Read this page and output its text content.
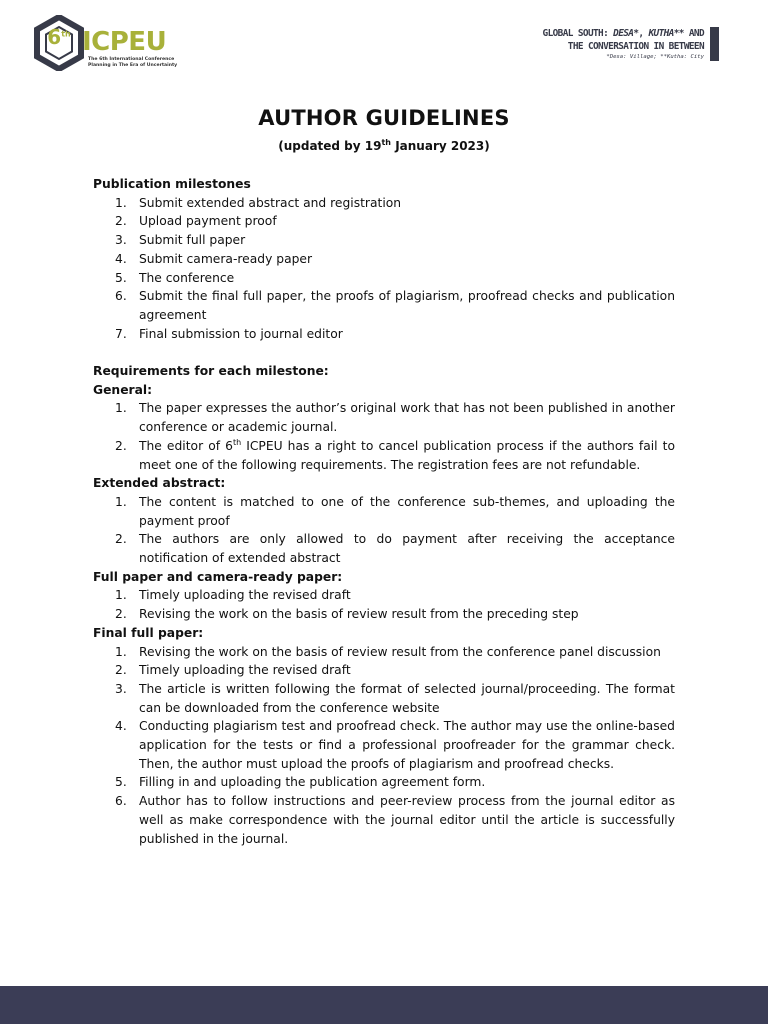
6th ICPEU
The 6th International Conference
Planning in The Era of Uncertainty
GLOBAL SOUTH: DESA*, KUTHA** AND
THE CONVERSATION IN BETWEEN
*Desa: Village; **Kutha: City
AUTHOR GUIDELINES
(updated by 19th January 2023)
Publication milestones
1. Submit extended abstract and registration
2. Upload payment proof
3. Submit full paper
4. Submit camera-ready paper
5. The conference
6. Submit the final full paper, the proofs of plagiarism, proofread checks and publication agreement
7. Final submission to journal editor
Requirements for each milestone:
General:
1. The paper expresses the author’s original work that has not been published in another conference or academic journal.
2. The editor of 6th ICPEU has a right to cancel publication process if the authors fail to meet one of the following requirements. The registration fees are not refundable.
Extended abstract:
1. The content is matched to one of the conference sub-themes, and uploading the payment proof
2. The authors are only allowed to do payment after receiving the acceptance notification of extended abstract
Full paper and camera-ready paper:
1. Timely uploading the revised draft
2. Revising the work on the basis of review result from the preceding step
Final full paper:
1. Revising the work on the basis of review result from the conference panel discussion
2. Timely uploading the revised draft
3. The article is written following the format of selected journal/proceeding. The format can be downloaded from the conference website
4. Conducting plagiarism test and proofread check. The author may use the online-based application for the tests or find a professional proofreader for the grammar check. Then, the author must upload the proofs of plagiarism and proofread checks.
5. Filling in and uploading the publication agreement form.
6. Author has to follow instructions and peer-review process from the journal editor as well as make correspondence with the journal editor until the article is successfully published in the journal.
